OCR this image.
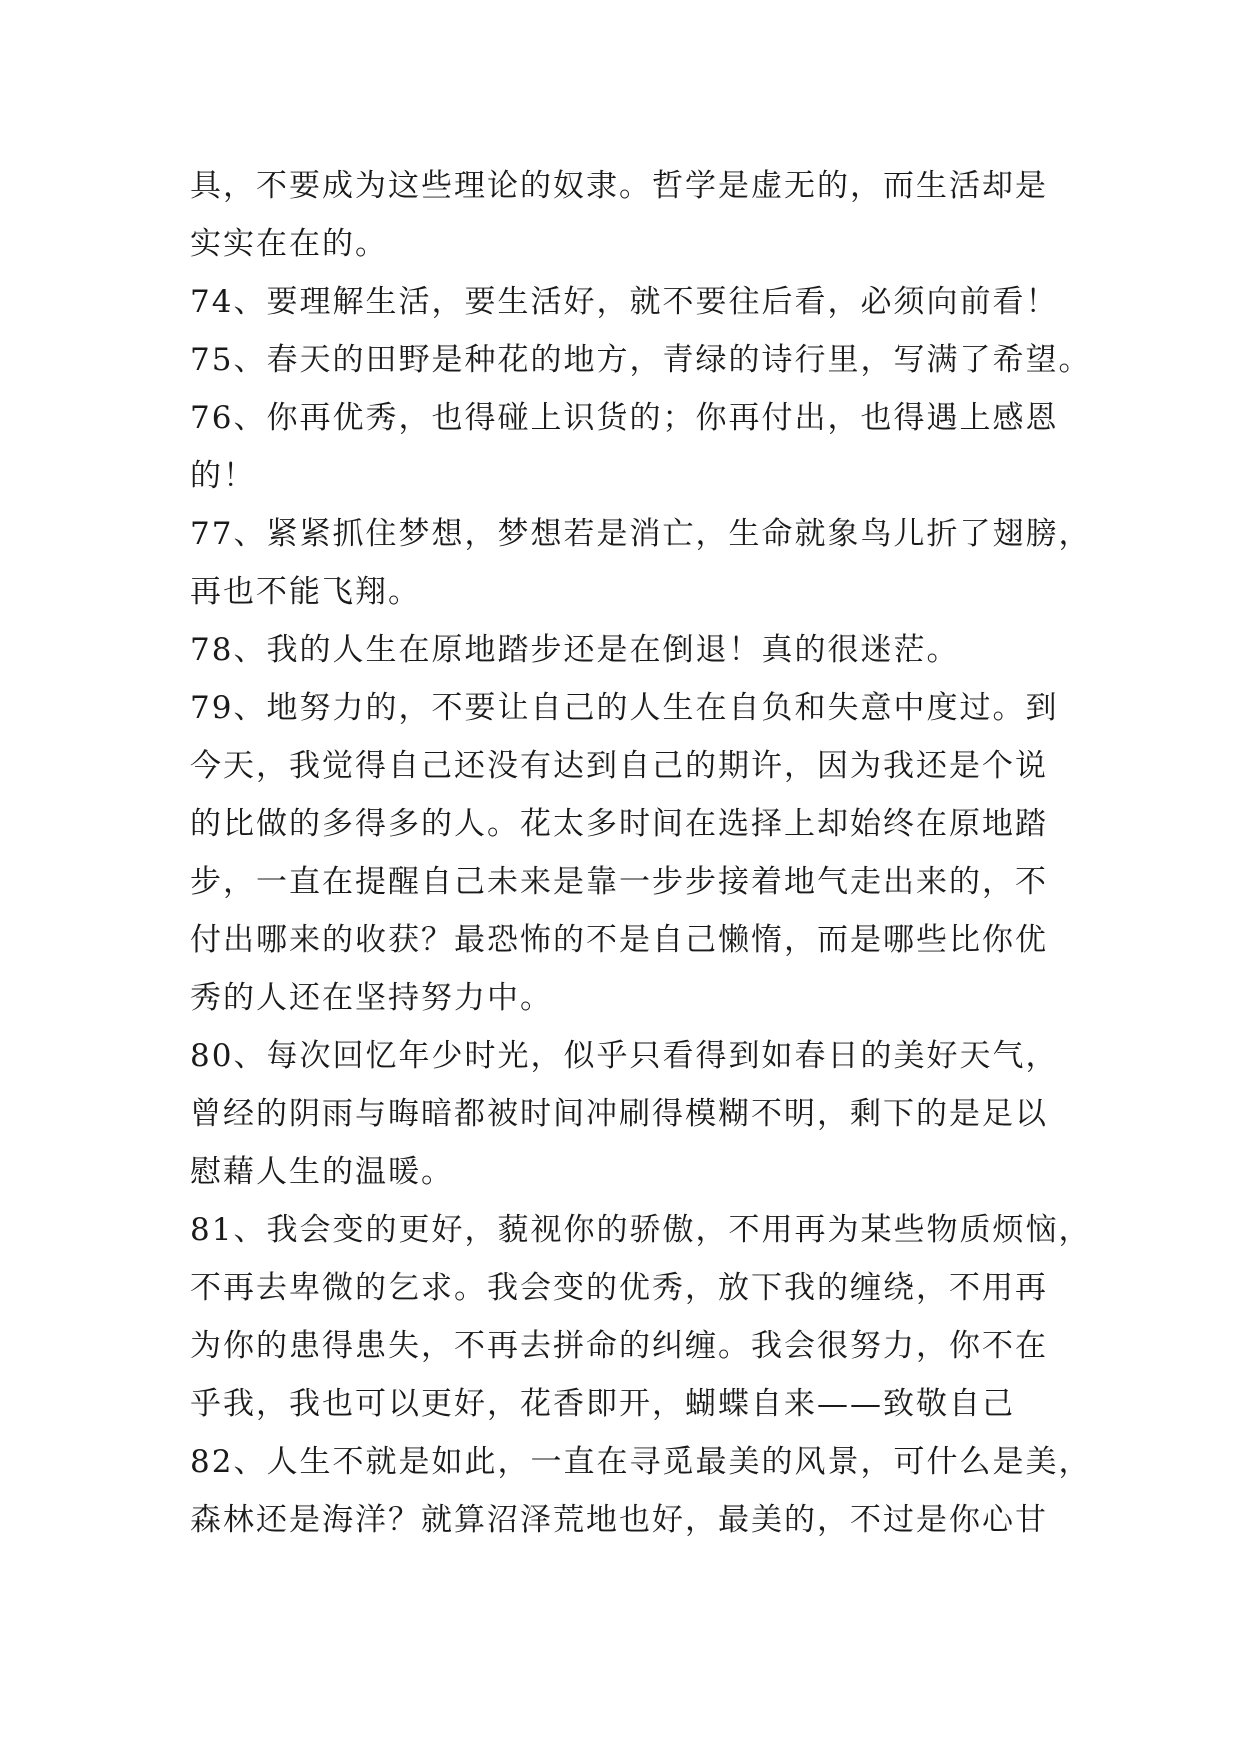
具，不要成为这些理论的奴隶。哲学是虚无的，而生活却是
实实在在的。
74、要理解生活，要生活好，就不要往后看，必须向前看！
75、春天的田野是种花的地方，青绿的诗行里，写满了希望。
76、你再优秀，也得碰上识货的；你再付出，也得遇上感恩
的！
77、紧紧抓住梦想，梦想若是消亡，生命就象鸟儿折了翅膀，
再也不能飞翔。
78、我的人生在原地踏步还是在倒退！真的很迷茫。
79、地努力的，不要让自己的人生在自负和失意中度过。到
今天，我觉得自己还没有达到自己的期许，因为我还是个说
的比做的多得多的人。花太多时间在选择上却始终在原地踏
步，一直在提醒自己未来是靠一步步接着地气走出来的，不
付出哪来的收获？最恐怖的不是自己懒惰，而是哪些比你优
秀的人还在坚持努力中。
80、每次回忆年少时光，似乎只看得到如春日的美好天气，
曾经的阴雨与晦暗都被时间冲刷得模糊不明，剩下的是足以
慰藉人生的温暖。
81、我会变的更好，藐视你的骄傲，不用再为某些物质烦恼，
不再去卑微的乞求。我会变的优秀，放下我的缠绕，不用再
为你的患得患失，不再去拼命的纠缠。我会很努力，你不在
乎我，我也可以更好，花香即开，蝴蝶自来——致敬自己
82、人生不就是如此，一直在寻觅最美的风景，可什么是美，
森林还是海洋？就算沼泽荒地也好，最美的，不过是你心甘
